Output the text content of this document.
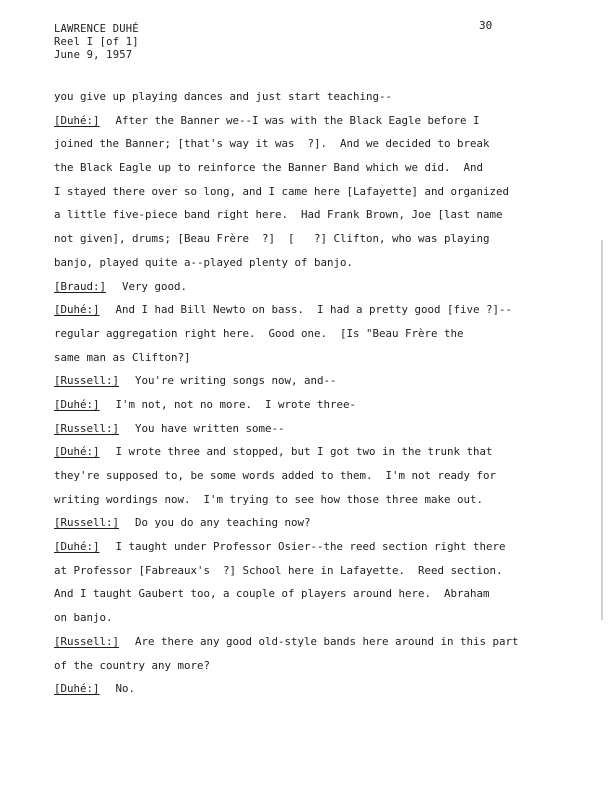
LAWRENCE DUHÉ
Reel I [of 1]
June 9, 1957
30
you give up playing dances and just start teaching--
[Duhé:] After the Banner we--I was with the Black Eagle before I
joined the Banner; [that's way it was  ?].  And we decided to break
the Black Eagle up to reinforce the Banner Band which we did.  And
I stayed there over so long, and I came here [Lafayette] and organized
a little five-piece band right here.  Had Frank Brown, Joe [last name
not given], drums; [Beau Frère  ?]  [   ?] Clifton, who was playing
banjo, played quite a--played plenty of banjo.
[Braud:] Very good.
[Duhé:] And I had Bill Newto on bass.  I had a pretty good [five ?]--
regular aggregation right here.  Good one.  [Is "Beau Frère the
same man as Clifton?]
[Russell:] You're writing songs now, and--
[Duhé:] I'm not, not no more.  I wrote three-
[Russell:] You have written some--
[Duhé:] I wrote three and stopped, but I got two in the trunk that
they're supposed to, be some words added to them.  I'm not ready for
writing wordings now.  I'm trying to see how those three make out.
[Russell:] Do you do any teaching now?
[Duhé:] I taught under Professor Osier--the reed section right there
at Professor [Fabreaux's  ?] School here in Lafayette.  Reed section.
And I taught Gaubert too, a couple of players around here.  Abraham
on banjo.
[Russell:] Are there any good old-style bands here around in this part
of the country any more?
[Duhé:] No.
